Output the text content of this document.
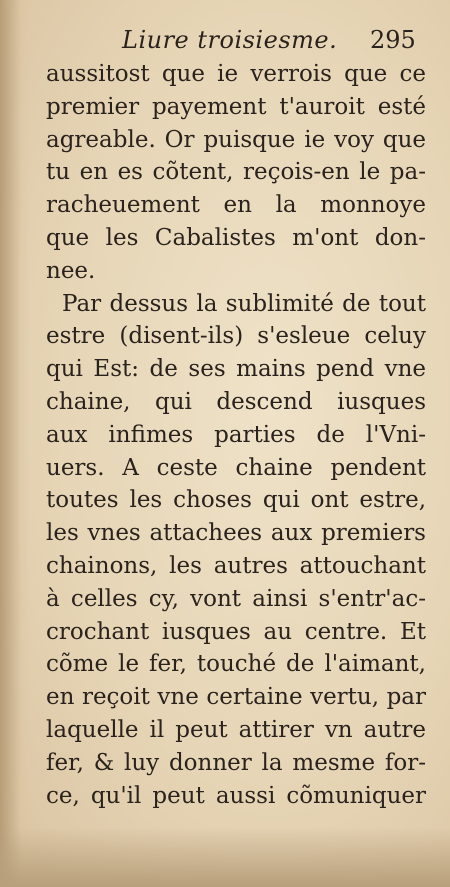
Liure troisiesme. 295
aussitost que ie verrois que ce
premier payement t'auroit esté
agreable. Or puisque ie voy que
tu en es cõtent, reçois-en le pa-
racheuement en la monnoye
que les Cabalistes m'ont don-
nee.
Par dessus la sublimité de tout
estre (disent-ils) s'esleue celuy
qui Est: de ses mains pend vne
chaine, qui descend iusques
aux infimes parties de l'Vni-
uers. A ceste chaine pendent
toutes les choses qui ont estre,
les vnes attachees aux premiers
chainons, les autres attouchant
à celles cy, vont ainsi s'entr'ac-
crochant iusques au centre. Et
cõme le fer, touché de l'aimant,
en reçoit vne certaine vertu, par
laquelle il peut attirer vn autre
fer, & luy donner la mesme for-
ce, qu'il peut aussi cõmuniquer
